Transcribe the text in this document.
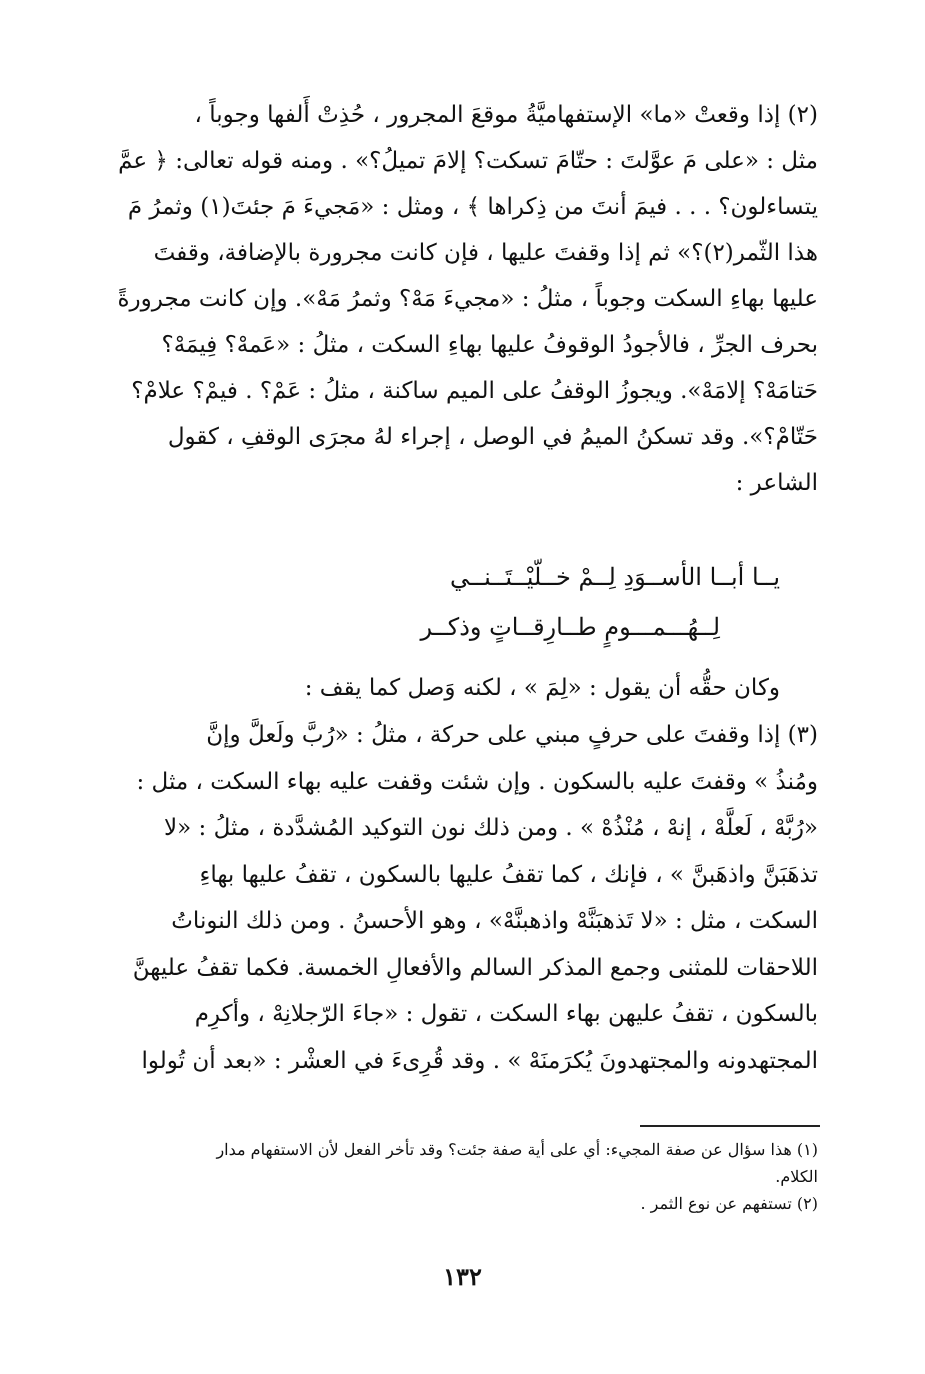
(٢) إذا وقعتْ «ما» الإستفهاميَّةُ موقعَ المجرور ، حُذِتْ أَلفها وجوباً ،
مثل : «على مَ عوَّلتَ : حتّامَ تسكت؟ إلامَ تميلُ؟» . ومنه قوله تعالى: ﴿ عمَّ
يتساءلون؟ . . . فيمَ أنتَ من ذِكراها ﴾ ، ومثل : «مَجيءَ مَ جئتَ(١) وثمرُ مَ
هذا الثّمر(٢)؟» ثم إذا وقفتَ عليها ، فإن كانت مجرورة بالإضافة، وقفتَ
عليها بهاءِ السكت وجوباً ، مثلُ : «مجيءَ مَهْ؟ وثمرُ مَهْ». وإن كانت مجرورةً
بحرف الجرِّ ، فالأجودُ الوقوفُ عليها بهاءِ السكت ، مثلُ : «عَمهْ؟ فِيمَهْ؟
حَتامَهْ؟ إلامَهْ». ويجوزُ الوقفُ على الميم ساكنة ، مثلُ : عَمْ؟ . فيمْ؟ علامْ؟
حَتّامْ؟». وقد تسكنُ الميمُ في الوصل ، إجراء لهُ مجرَى الوقفِ ، كقول
الشاعر :
يــا أبــا الأســوَدِ لِــمْ خــلّيْــتَــنــي
لِــهُـــمـــومٍ طــارِقــاتٍ وذكــر
وكان حقُّه أن يقول : «لِمَ » ، لكنه وَصل كما يقف :
(٣) إذا وقفتَ على حرفٍ مبني على حركة ، مثلُ : «رُبَّ ولَعلَّ وإنَّ
ومُنذُ » وقفتَ عليه بالسكون . وإن شئت وقفت عليه بهاء السكت ، مثل :
«رُبَّهْ ، لَعلَّهْ ، إنهْ ، مُنْذُهْ » . ومن ذلك نون التوكيد المُشدَّدة ، مثلُ : «لا
تذهَبَنَّ واذهَبنَّ » ، فإنك ، كما تقفُ عليها بالسكون ، تقفُ عليها بهاءِ
السكت ، مثل : «لا تَذهبَنَّهْ واذهبنَّهْ» ، وهو الأحسنُ . ومن ذلك النوناتُ
اللاحقات للمثنى وجمع المذكر السالم والأفعالِ الخمسة. فكما تقفُ عليهنَّ
بالسكون ، تقفُ عليهن بهاء السكت ، تقول : «جاءَ الرّجلانِهْ ، وأكرِم
المجتهدونه والمجتهدونَ يُكرَمنَهْ » . وقد قُرِىءَ في العشْر : «بعد أن تُولوا
(١) هذا سؤال عن صفة المجيء: أي على أية صفة جئت؟ وقد تأخر الفعل لأن الاستفهام مدار
الكلام.
(٢) تستفهم عن نوع الثمر .
١٣٢
